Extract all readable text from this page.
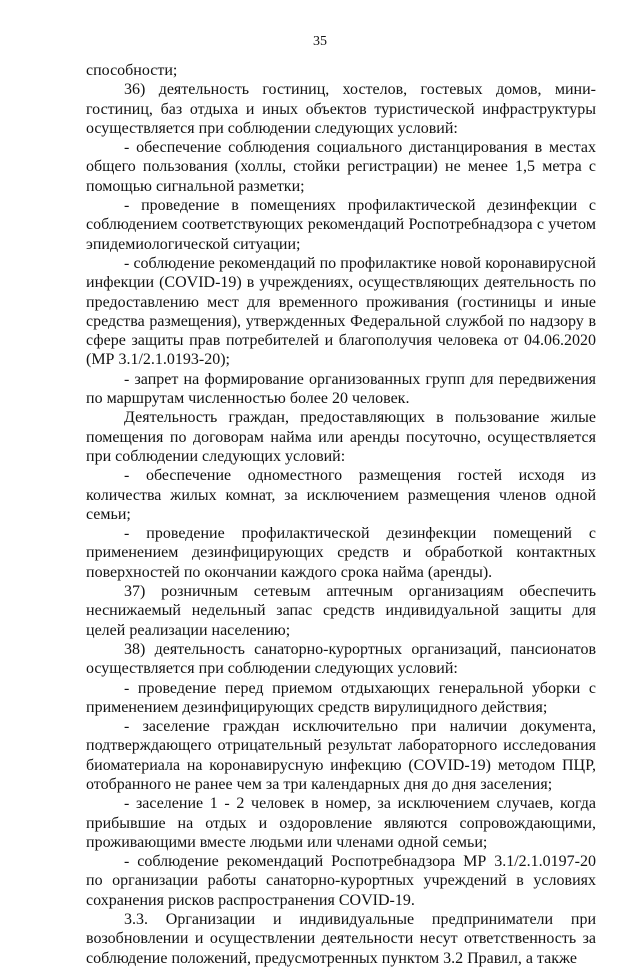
35

способности;

36) деятельность гостиниц, хостелов, гостевых домов, мини-гостиниц, баз отдыха и иных объектов туристической инфраструктуры осуществляется при соблюдении следующих условий:

- обеспечение соблюдения социального дистанцирования в местах общего пользования (холлы, стойки регистрации) не менее 1,5 метра с помощью сигнальной разметки;

- проведение в помещениях профилактической дезинфекции с соблюдением соответствующих рекомендаций Роспотребнадзора с учетом эпидемиологической ситуации;

- соблюдение рекомендаций по профилактике новой коронавирусной инфекции (COVID-19) в учреждениях, осуществляющих деятельность по предоставлению мест для временного проживания (гостиницы и иные средства размещения), утвержденных Федеральной службой по надзору в сфере защиты прав потребителей и благополучия человека от 04.06.2020 (МР 3.1/2.1.0193-20);

- запрет на формирование организованных групп для передвижения по маршрутам численностью более 20 человек.

Деятельность граждан, предоставляющих в пользование жилые помещения по договорам найма или аренды посуточно, осуществляется при соблюдении следующих условий:

- обеспечение одноместного размещения гостей исходя из количества жилых комнат, за исключением размещения членов одной семьи;

- проведение профилактической дезинфекции помещений с применением дезинфицирующих средств и обработкой контактных поверхностей по окончании каждого срока найма (аренды).

37) розничным сетевым аптечным организациям обеспечить неснижаемый недельный запас средств индивидуальной защиты для целей реализации населению;

38) деятельность санаторно-курортных организаций, пансионатов осуществляется при соблюдении следующих условий:

- проведение перед приемом отдыхающих генеральной уборки с применением дезинфицирующих средств вирулицидного действия;

- заселение граждан исключительно при наличии документа, подтверждающего отрицательный результат лабораторного исследования биоматериала на коронавирусную инфекцию (COVID-19) методом ПЦР, отобранного не ранее чем за три календарных дня до дня заселения;

- заселение 1 - 2 человек в номер, за исключением случаев, когда прибывшие на отдых и оздоровление являются сопровождающими, проживающими вместе людьми или членами одной семьи;

- соблюдение рекомендаций Роспотребнадзора МР 3.1/2.1.0197-20 по организации работы санаторно-курортных учреждений в условиях сохранения рисков распространения COVID-19.

3.3. Организации и индивидуальные предприниматели при возобновлении и осуществлении деятельности несут ответственность за соблюдение положений, предусмотренных пунктом 3.2 Правил, а также
